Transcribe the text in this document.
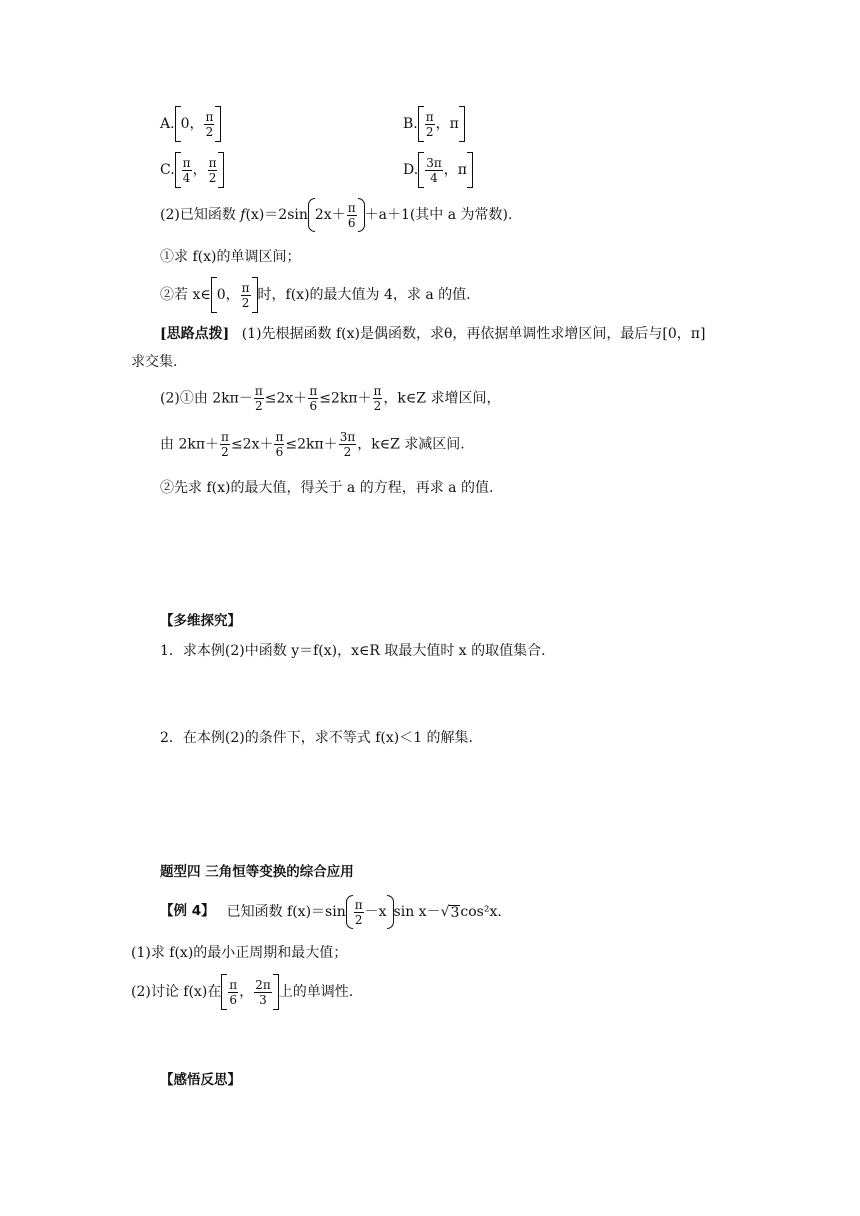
A. 0， $\frac{\pi}{2}$	B. $\frac{\pi}{2}$ ，π
C. $\frac{\pi}{4}$ ， $\frac{\pi}{2}$	D. $\frac{3\pi}{4}$ ，π
(2)已知函数 f(x)＝2sin $2x+ \frac{\pi}{6} +a+1$(其中 a 为常数).
①求 f(x)的单调区间；
②若 x∈ 0， $\frac{\pi}{2}$ 时，f(x)的最大值为 4，求 a 的值.
[思路点拨] (1)先根据函数 f(x)是偶函数，求θ，再依据单调性求增区间，最后与[0，π]
求交集.
(2)①由 $2k\pi- \frac{\pi}{2} \le 2x+ \frac{\pi}{6} \le 2k\pi+ \frac{\pi}{2}$ ，k∈Z 求增区间，
由 $2k\pi+ \frac{\pi}{2} \le 2x+ \frac{\pi}{6} \le 2k\pi+ \frac{3\pi}{2}$ ，k∈Z 求减区间.
②先求 f(x)的最大值，得关于 a 的方程，再求 a 的值.
【多维探究】
1．求本例(2)中函数 y＝f(x)，x∈R 取最大值时 x 的取值集合.
2．在本例(2)的条件下，求不等式 f(x)＜1 的解集.
题型四 三角恒等变换的综合应用
【例 4】 已知函数 $f(x)=\sin \frac{\pi}{2} -x$ sin x－√3cos²x.
(1)求 f(x)的最小正周期和最大值；
(2)讨论 f(x)在 $\frac{\pi}{6}$ ， $\frac{2\pi}{3}$ 上的单调性.
【感悟反思】
